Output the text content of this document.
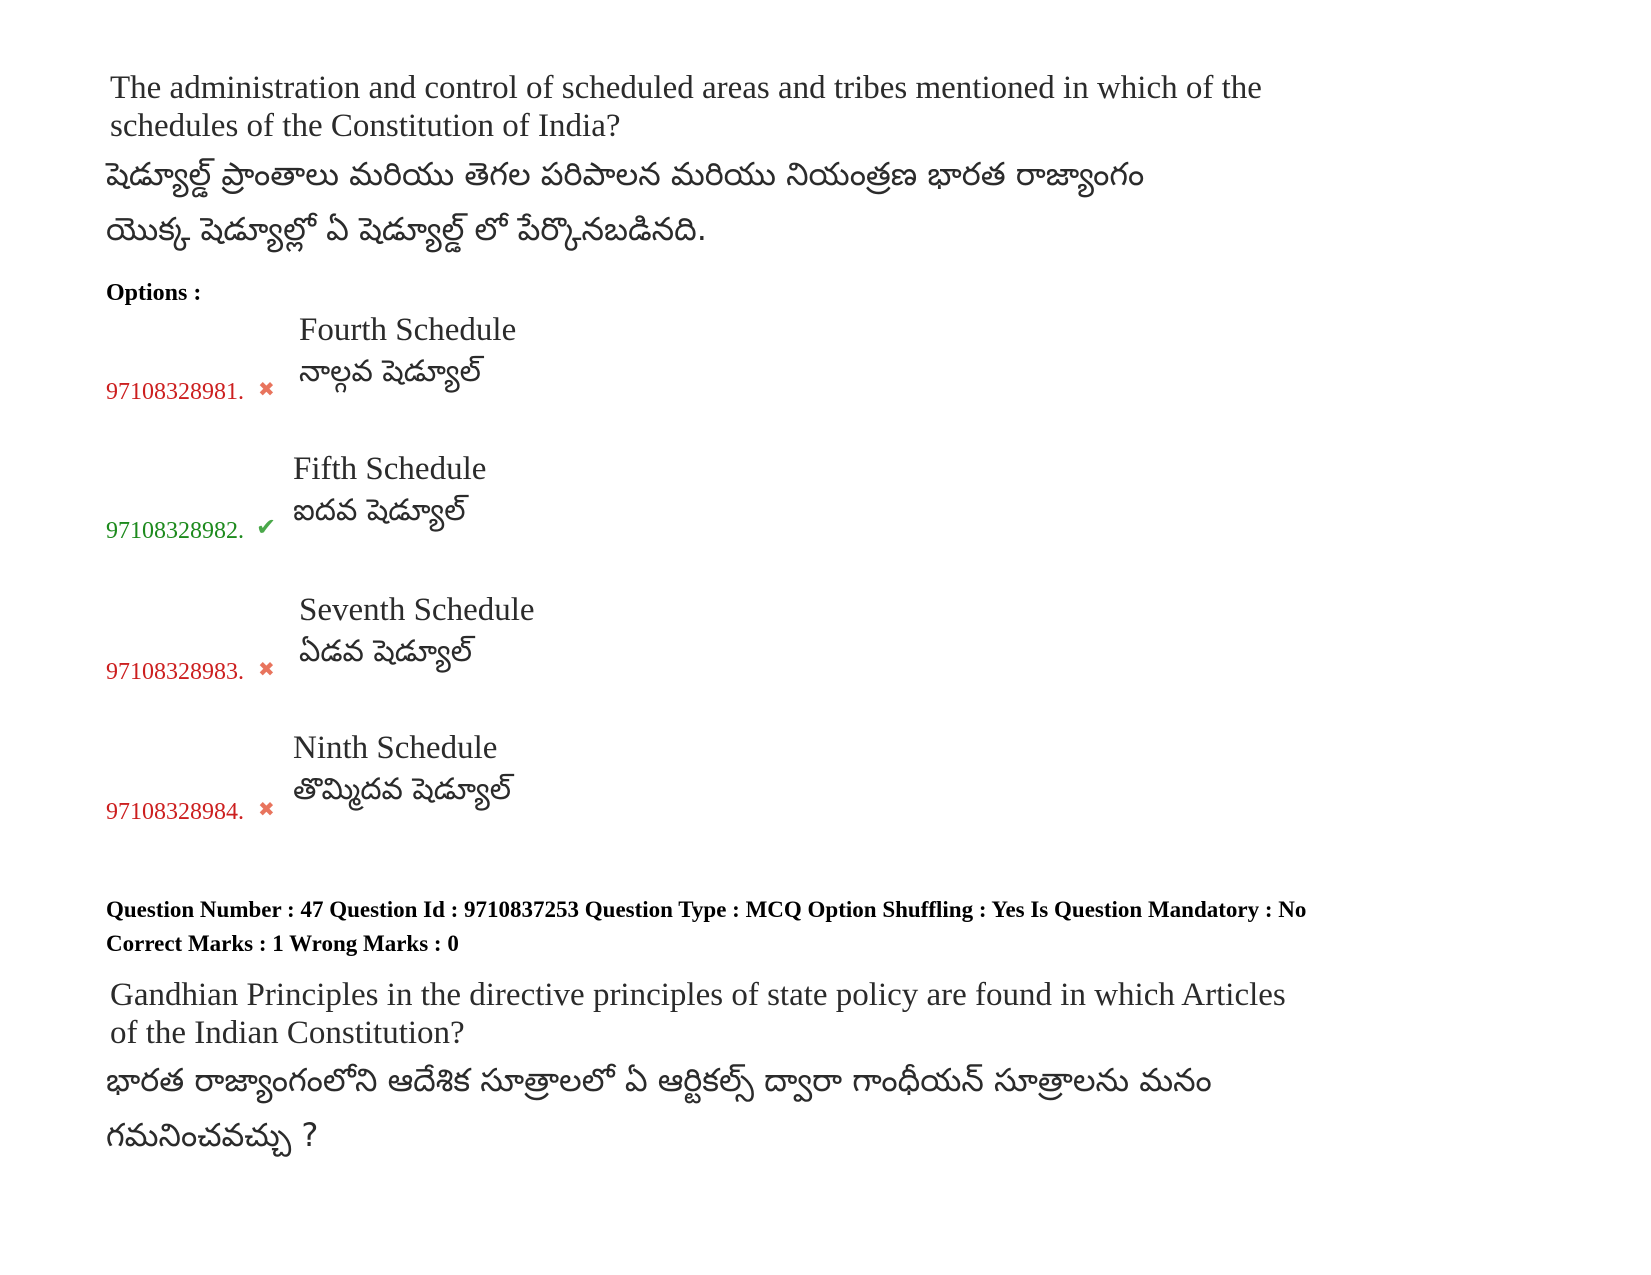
The administration and control of scheduled areas and tribes mentioned in which of the
schedules of the Constitution of India?
షెడ్యూల్డ్ ప్రాంతాలు మరియు తెగల పరిపాలన మరియు నియంత్రణ భారత రాజ్యాంగం
యొక్క షెడ్యూల్లో ఏ షెడ్యూల్డ్ లో పేర్కొనబడినది.
Options :
Fourth Schedule
నాల్గవ షెడ్యూల్
97108328981. ✖
Fifth Schedule
ఐదవ షెడ్యూల్
97108328982. ✔
Seventh Schedule
ఏడవ షెడ్యూల్
97108328983. ✖
Ninth Schedule
తొమ్మిదవ షెడ్యూల్
97108328984. ✖
Question Number : 47 Question Id : 9710837253 Question Type : MCQ Option Shuffling : Yes Is Question Mandatory : No
Correct Marks : 1 Wrong Marks : 0
Gandhian Principles in the directive principles of state policy are found in which Articles
of the Indian Constitution?
భారత రాజ్యాంగంలోని ఆదేశిక సూత్రాలలో ఏ ఆర్టికల్స్ ద్వారా గాంధీయన్ సూత్రాలను మనం
గమనించవచ్చు ?
